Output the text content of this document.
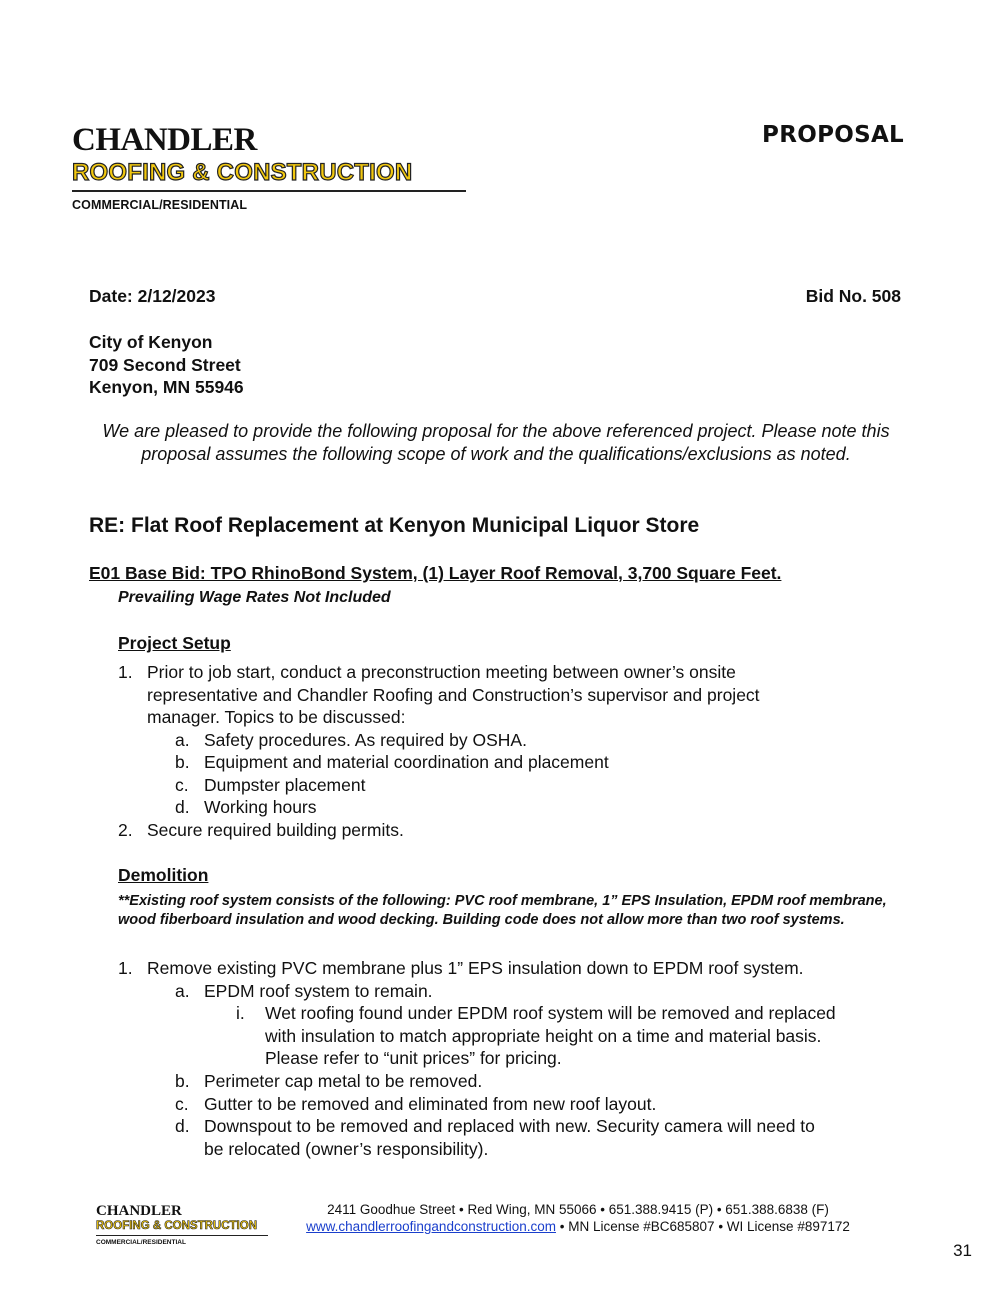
CHANDLER
ROOFING & CONSTRUCTION
COMMERCIAL/RESIDENTIAL
PROPOSAL
Date: 2/12/2023	Bid No. 508
City of Kenyon
709 Second Street
Kenyon, MN 55946
We are pleased to provide the following proposal for the above referenced project. Please note this proposal assumes the following scope of work and the qualifications/exclusions as noted.
RE: Flat Roof Replacement at Kenyon Municipal Liquor Store
E01 Base Bid: TPO RhinoBond System, (1) Layer Roof Removal, 3,700 Square Feet.
Prevailing Wage Rates Not Included
Project Setup
1. Prior to job start, conduct a preconstruction meeting between owner’s onsite
representative and Chandler Roofing and Construction’s supervisor and project
manager. Topics to be discussed:
a. Safety procedures. As required by OSHA.
b. Equipment and material coordination and placement
c. Dumpster placement
d. Working hours
2. Secure required building permits.
Demolition
**Existing roof system consists of the following: PVC roof membrane, 1” EPS Insulation, EPDM roof membrane, wood fiberboard insulation and wood decking. Building code does not allow more than two roof systems.
1. Remove existing PVC membrane plus 1” EPS insulation down to EPDM roof system.
a. EPDM roof system to remain.
i. Wet roofing found under EPDM roof system will be removed and replaced
with insulation to match appropriate height on a time and material basis.
Please refer to “unit prices” for pricing.
b. Perimeter cap metal to be removed.
c. Gutter to be removed and eliminated from new roof layout.
d. Downspout to be removed and replaced with new. Security camera will need to
be relocated (owner’s responsibility).
CHANDLER
ROOFING & CONSTRUCTION
COMMERCIAL/RESIDENTIAL
2411 Goodhue Street • Red Wing, MN 55066 • 651.388.9415 (P) • 651.388.6838 (F)
www.chandlerroofingandconstruction.com • MN License #BC685807 • WI License #897172
31
